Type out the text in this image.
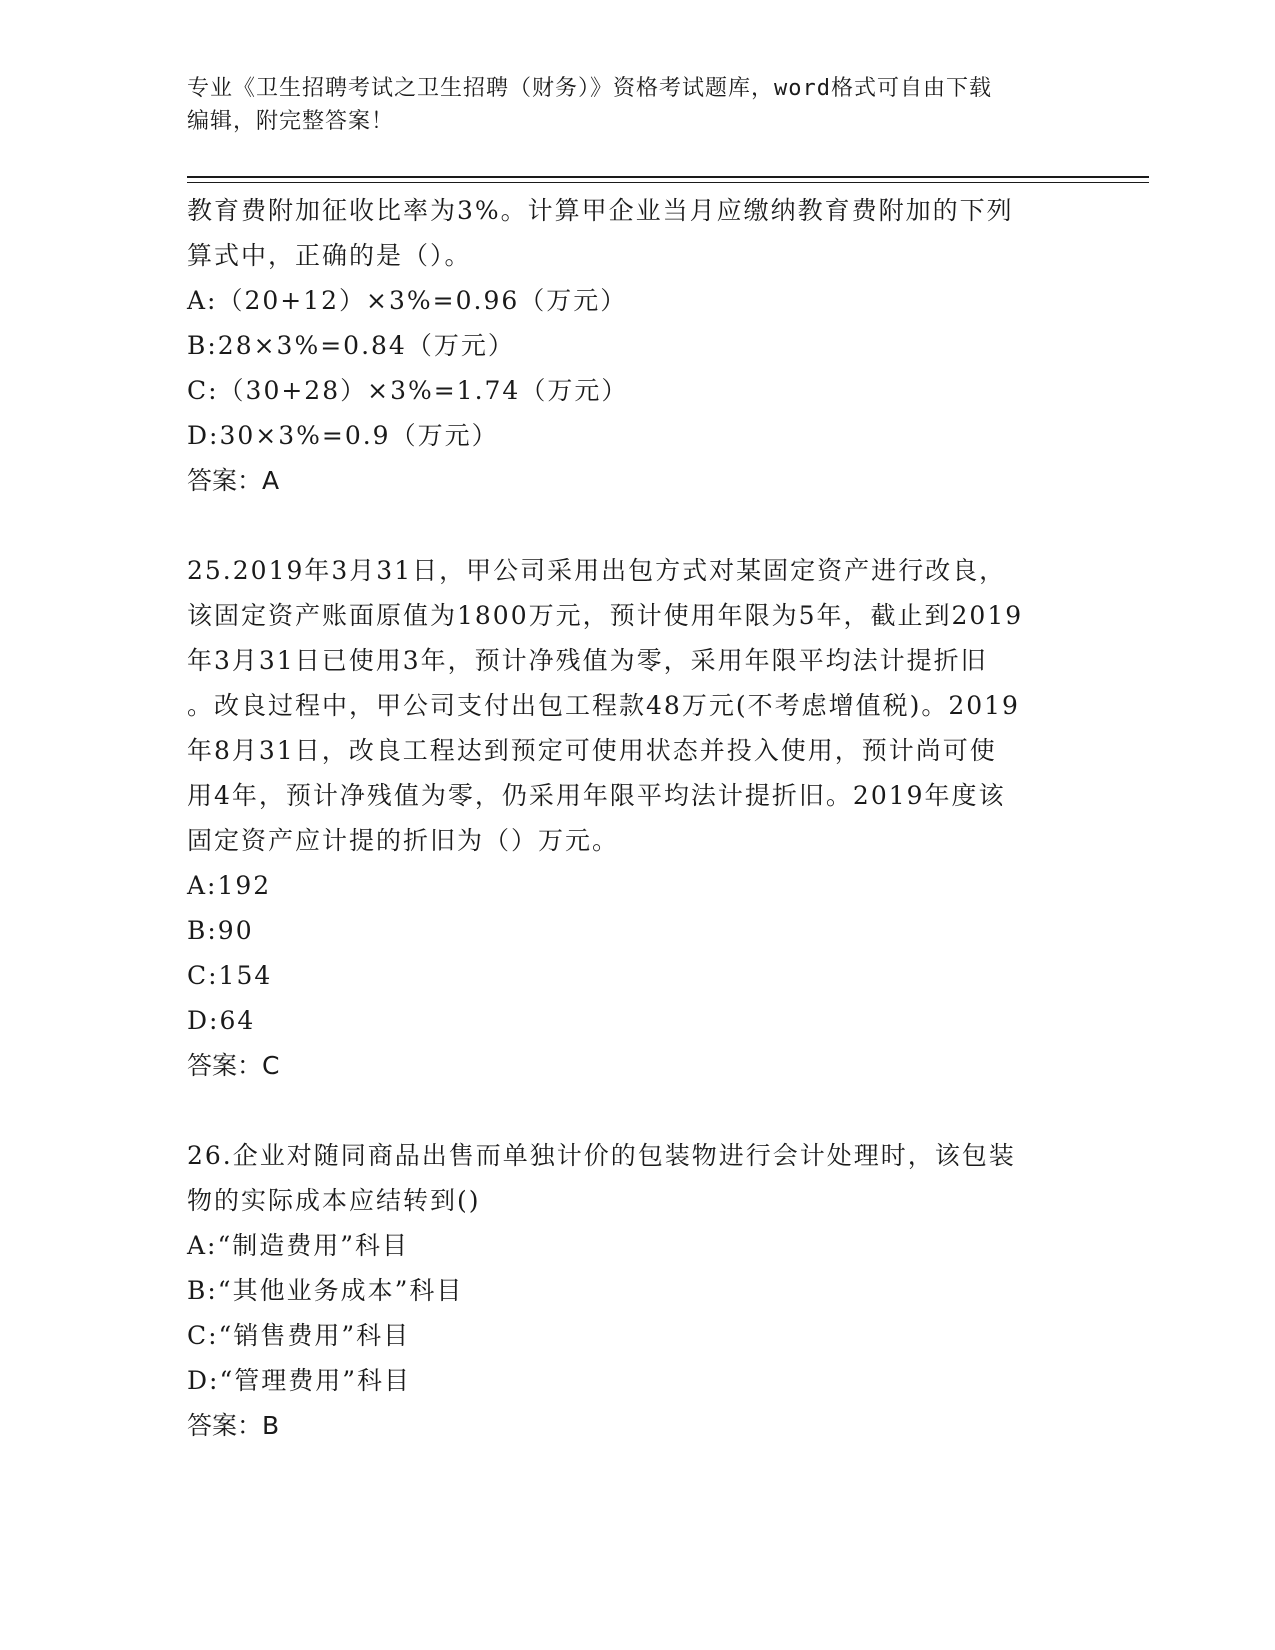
专业《卫生招聘考试之卫生招聘（财务）》资格考试题库，word格式可自由下载
编辑，附完整答案！
教育费附加征收比率为3%。计算甲企业当月应缴纳教育费附加的下列
算式中，正确的是（）。
A:（20+12）×3%=0.96（万元）
B:28×3%=0.84（万元）
C:（30+28）×3%=1.74（万元）
D:30×3%=0.9（万元）
答案：A
25.2019年3月31日，甲公司采用出包方式对某固定资产进行改良，
该固定资产账面原值为1800万元，预计使用年限为5年，截止到2019
年3月31日已使用3年，预计净残值为零，采用年限平均法计提折旧
。改良过程中，甲公司支付出包工程款48万元(不考虑增值税)。2019
年8月31日，改良工程达到预定可使用状态并投入使用，预计尚可使
用4年，预计净残值为零，仍采用年限平均法计提折旧。2019年度该
固定资产应计提的折旧为（）万元。
A:192
B:90
C:154
D:64
答案：C
26.企业对随同商品出售而单独计价的包装物进行会计处理时，该包装
物的实际成本应结转到()
A:“制造费用”科目
B:“其他业务成本”科目
C:“销售费用”科目
D:“管理费用”科目
答案：B
